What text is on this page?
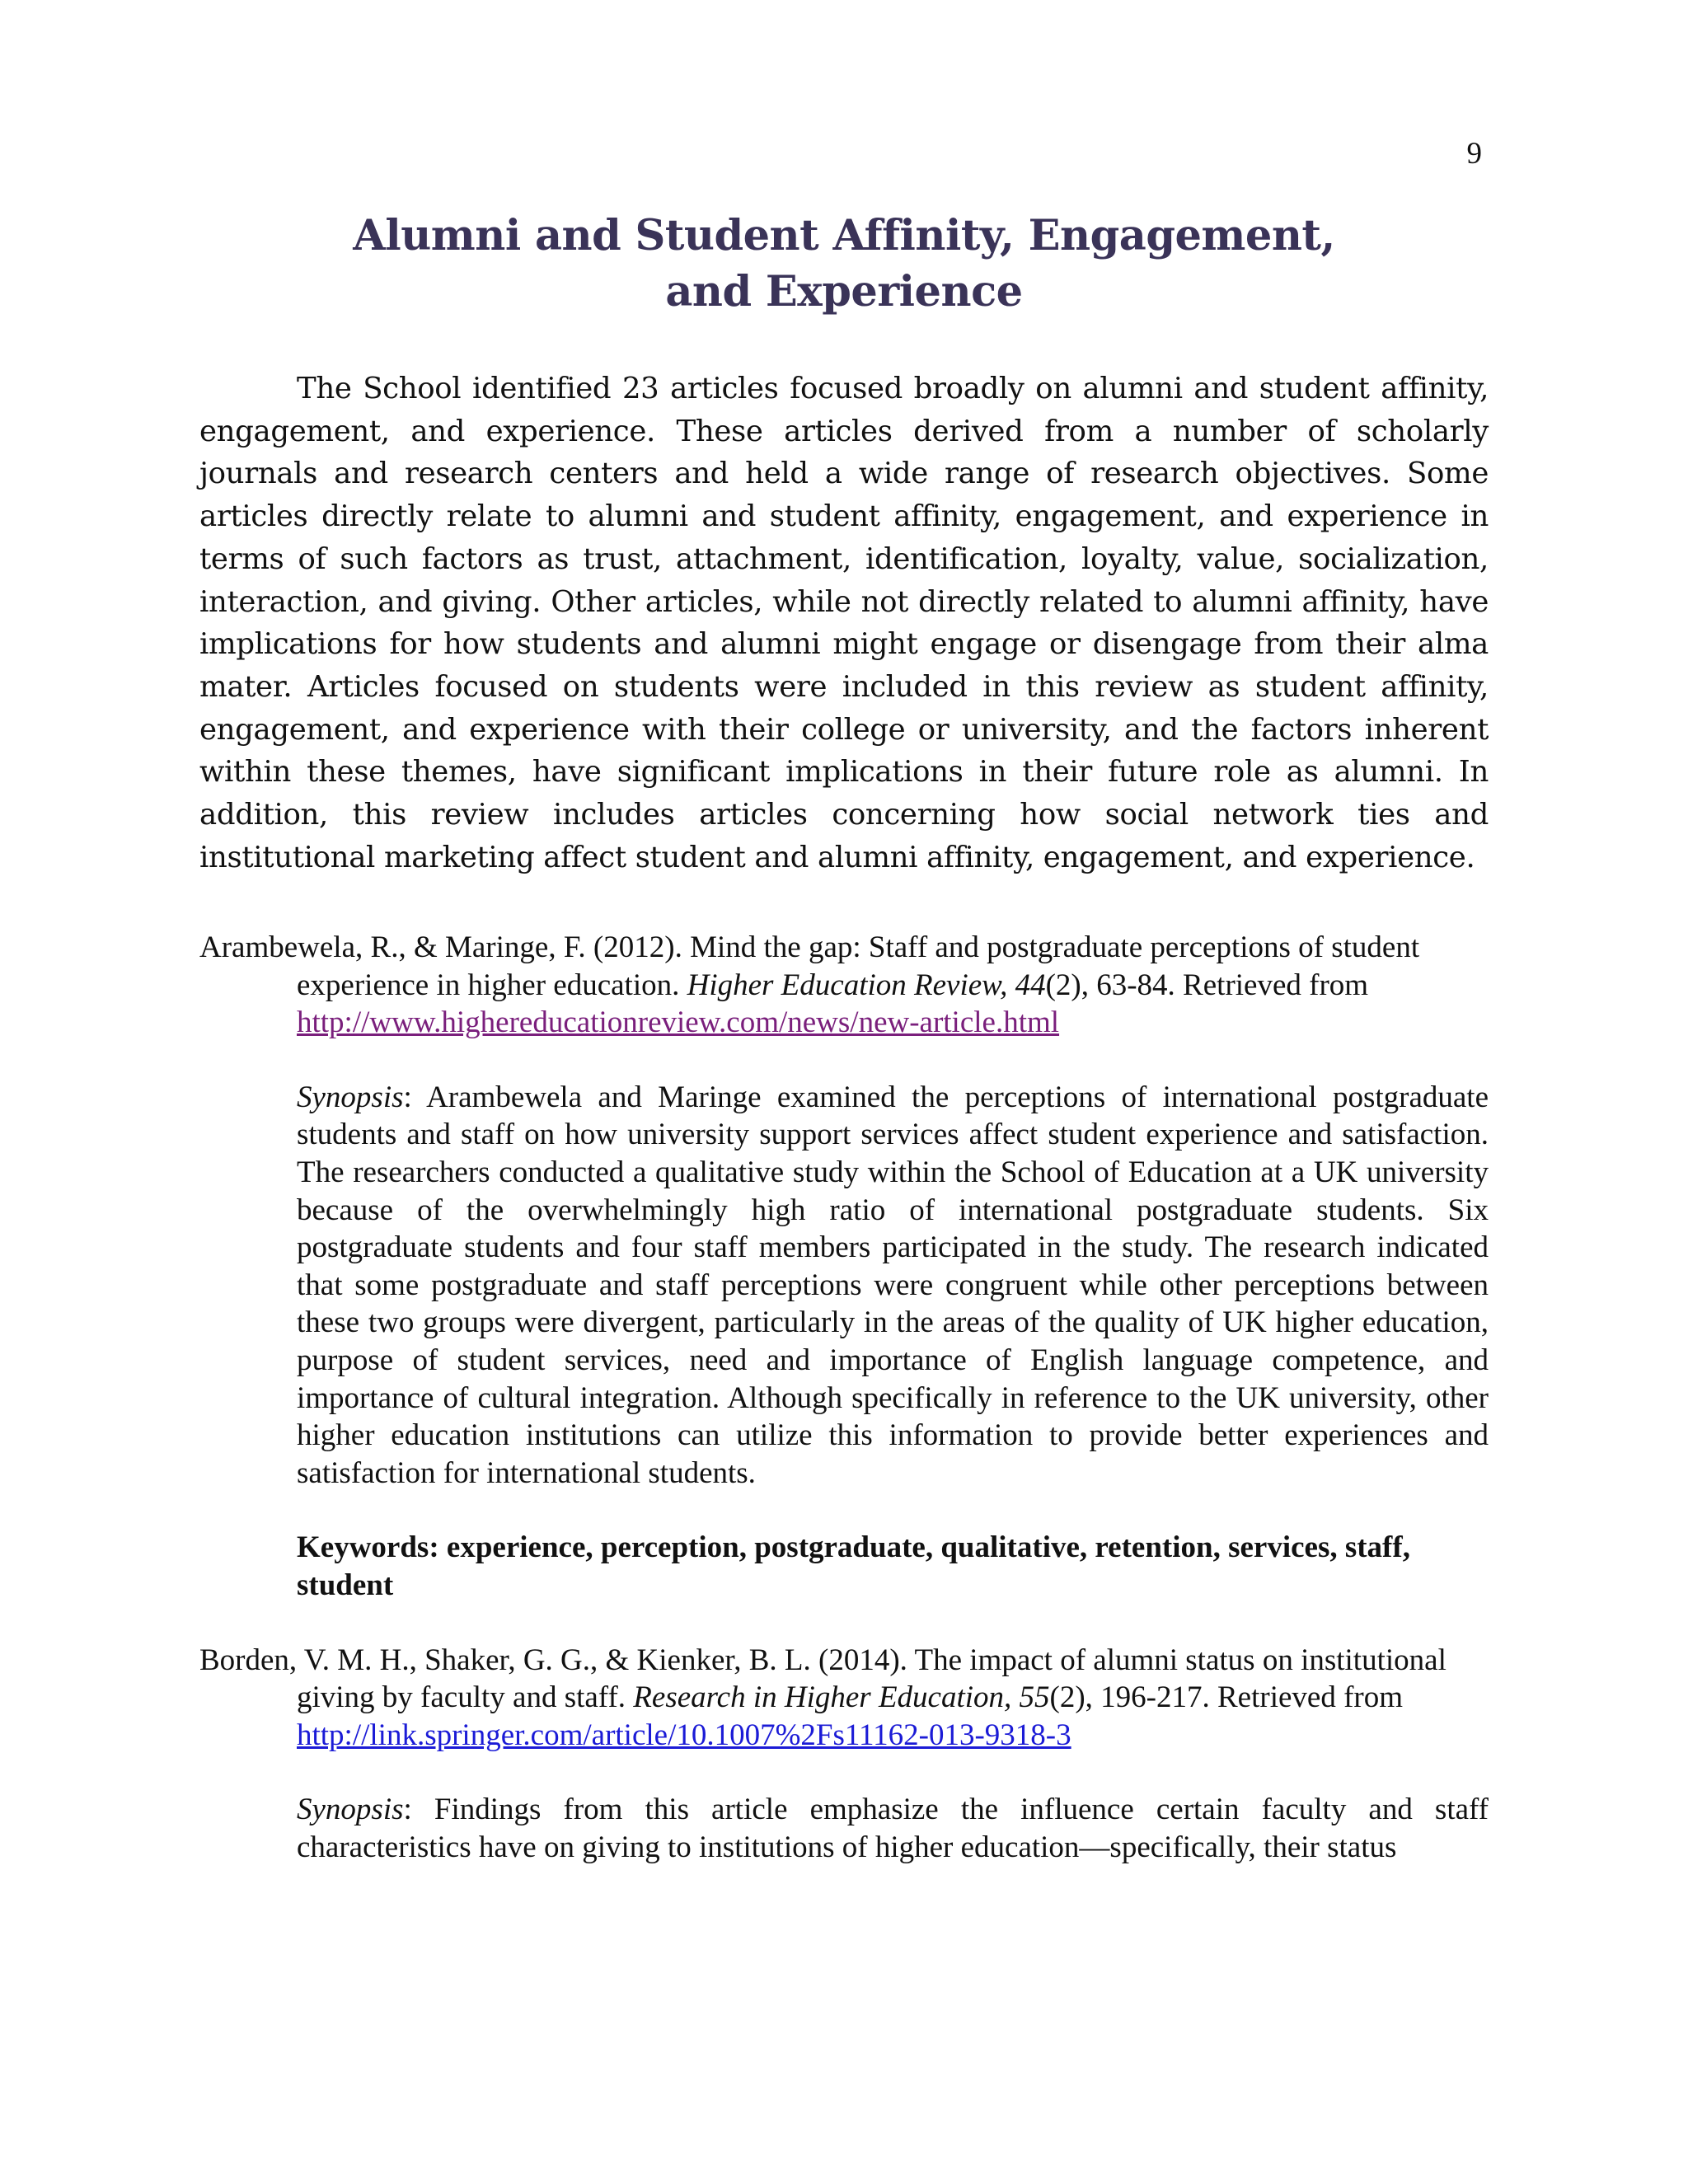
9
Alumni and Student Affinity, Engagement,
and Experience

The School identified 23 articles focused broadly on alumni and student affinity, engagement, and experience. These articles derived from a number of scholarly journals and research centers and held a wide range of research objectives. Some articles directly relate to alumni and student affinity, engagement, and experience in terms of such factors as trust, attachment, identification, loyalty, value, socialization, interaction, and giving. Other articles, while not directly related to alumni affinity, have implications for how students and alumni might engage or disengage from their alma mater. Articles focused on students were included in this review as student affinity, engagement, and experience with their college or university, and the factors inherent within these themes, have significant implications in their future role as alumni. In addition, this review includes articles concerning how social network ties and institutional marketing affect student and alumni affinity, engagement, and experience.

Arambewela, R., & Maringe, F. (2012). Mind the gap: Staff and postgraduate perceptions of student experience in higher education. Higher Education Review, 44(2), 63-84. Retrieved from http://www.highereducationreview.com/news/new-article.html

Synopsis: Arambewela and Maringe examined the perceptions of international postgraduate students and staff on how university support services affect student experience and satisfaction. The researchers conducted a qualitative study within the School of Education at a UK university because of the overwhelmingly high ratio of international postgraduate students. Six postgraduate students and four staff members participated in the study. The research indicated that some postgraduate and staff perceptions were congruent while other perceptions between these two groups were divergent, particularly in the areas of the quality of UK higher education, purpose of student services, need and importance of English language competence, and importance of cultural integration. Although specifically in reference to the UK university, other higher education institutions can utilize this information to provide better experiences and satisfaction for international students.

Keywords: experience, perception, postgraduate, qualitative, retention, services, staff, student

Borden, V. M. H., Shaker, G. G., & Kienker, B. L. (2014). The impact of alumni status on institutional giving by faculty and staff. Research in Higher Education, 55(2), 196-217. Retrieved from http://link.springer.com/article/10.1007%2Fs11162-013-9318-3

Synopsis: Findings from this article emphasize the influence certain faculty and staff characteristics have on giving to institutions of higher education—specifically, their status
